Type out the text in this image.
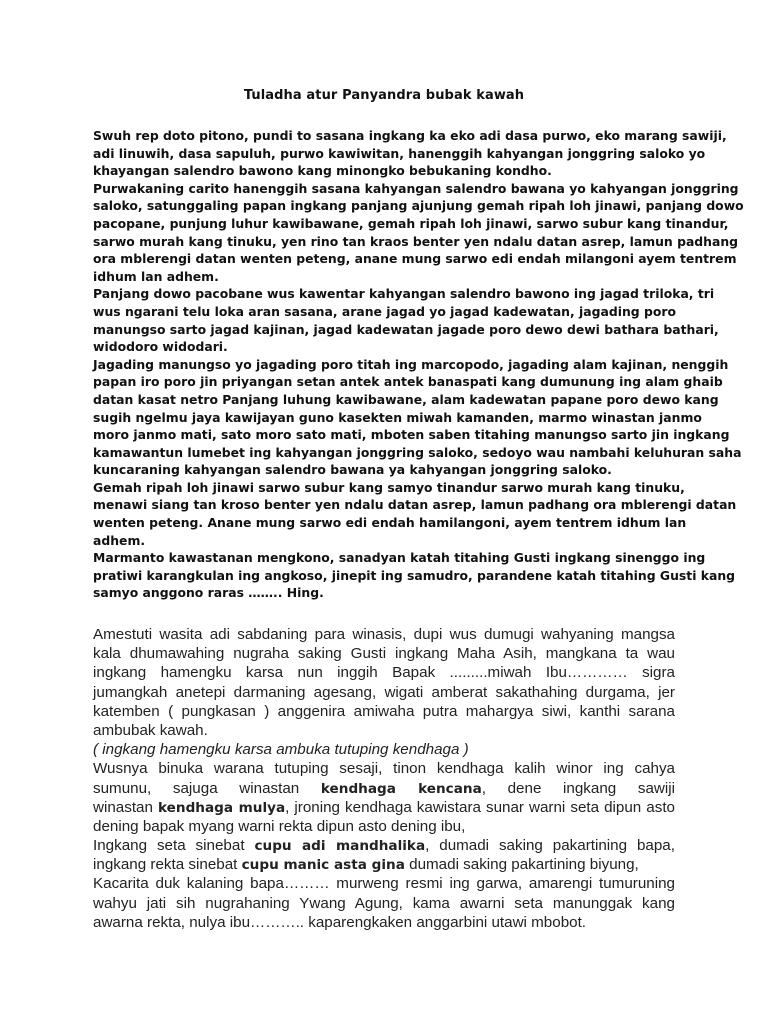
Tuladha atur Panyandra bubak kawah

Swuh rep doto pitono, pundi to sasana ingkang ka eko adi dasa purwo, eko marang sawiji,

adi linuwih, dasa sapuluh, purwo kawiwitan, hanenggih kahyangan jonggring saloko yo

khayangan salendro bawono kang minongko bebukaning kondho.

Purwakaning carito hanenggih sasana kahyangan salendro bawana yo kahyangan jonggring

saloko, satunggaling papan ingkang panjang ajunjung gemah ripah loh jinawi, panjang dowo

pacopane, punjung luhur kawibawane, gemah ripah loh jinawi, sarwo subur kang tinandur,

sarwo murah kang tinuku, yen rino tan kraos benter yen ndalu datan asrep, lamun padhang

ora mblerengi datan wenten peteng, anane mung sarwo edi endah milangoni ayem tentrem

idhum lan adhem.

Panjang dowo pacobane wus kawentar kahyangan salendro bawono ing jagad triloka, tri

wus ngarani telu loka aran sasana, arane jagad yo jagad kadewatan, jagading poro

manungso sarto jagad kajinan, jagad kadewatan jagade poro dewo dewi bathara bathari,

widodoro widodari.

Jagading manungso yo jagading poro titah ing marcopodo, jagading alam kajinan, nenggih

papan iro poro jin priyangan setan antek antek banaspati kang dumunung ing alam ghaib

datan kasat netro Panjang luhung kawibawane, alam kadewatan papane poro dewo kang

sugih ngelmu jaya kawijayan guno kasekten miwah kamanden, marmo winastan janmo

moro janmo mati, sato moro sato mati, mboten saben titahing manungso sarto jin ingkang

kamawantun lumebet ing kahyangan jonggring saloko, sedoyo wau nambahi keluhuran saha

kuncaraning kahyangan salendro bawana ya kahyangan jonggring saloko.

Gemah ripah loh jinawi sarwo subur kang samyo tinandur sarwo murah kang tinuku,

menawi siang tan kroso benter yen ndalu datan asrep, lamun padhang ora mblerengi datan

wenten peteng. Anane mung sarwo edi endah hamilangoni, ayem tentrem idhum lan

adhem.

Marmanto kawastanan mengkono, sanadyan katah titahing Gusti ingkang sinenggo ing

pratiwi karangkulan ing angkoso, jinepit ing samudro, parandene katah titahing Gusti kang

samyo anggono raras …….. Hing.

Amestuti wasita adi sabdaning para winasis, dupi wus dumugi wahyaning mangsa
kala dhumawahing nugraha saking Gusti ingkang Maha Asih, mangkana ta wau
ingkang hamengku karsa nun inggih Bapak .........miwah Ibu………… sigra
jumangkah anetepi darmaning agesang, wigati amberat sakathahing durgama, jer
katemben ( pungkasan ) anggenira amiwaha putra mahargya siwi, kanthi sarana
ambubak kawah.
( ingkang hamengku karsa ambuka tutuping kendhaga )
Wusnya binuka warana tutuping sesaji, tinon kendhaga kalih winor ing cahya
sumunu, sajuga winastan kendhaga kencana, dene ingkang sawiji
winastan kendhaga mulya, jroning kendhaga kawistara sunar warni seta dipun asto
dening bapak myang warni rekta dipun asto dening ibu,
Ingkang seta sinebat cupu adi mandhalika, dumadi saking pakartining bapa,
ingkang rekta sinebat cupu manic asta gina dumadi saking pakartining biyung,
Kacarita duk kalaning bapa……… murweng resmi ing garwa, amarengi tumuruning
wahyu jati sih nugrahaning Ywang Agung, kama awarni seta manunggak kang
awarna rekta, nulya ibu……….. kaparengkaken anggarbini utawi mbobot.
